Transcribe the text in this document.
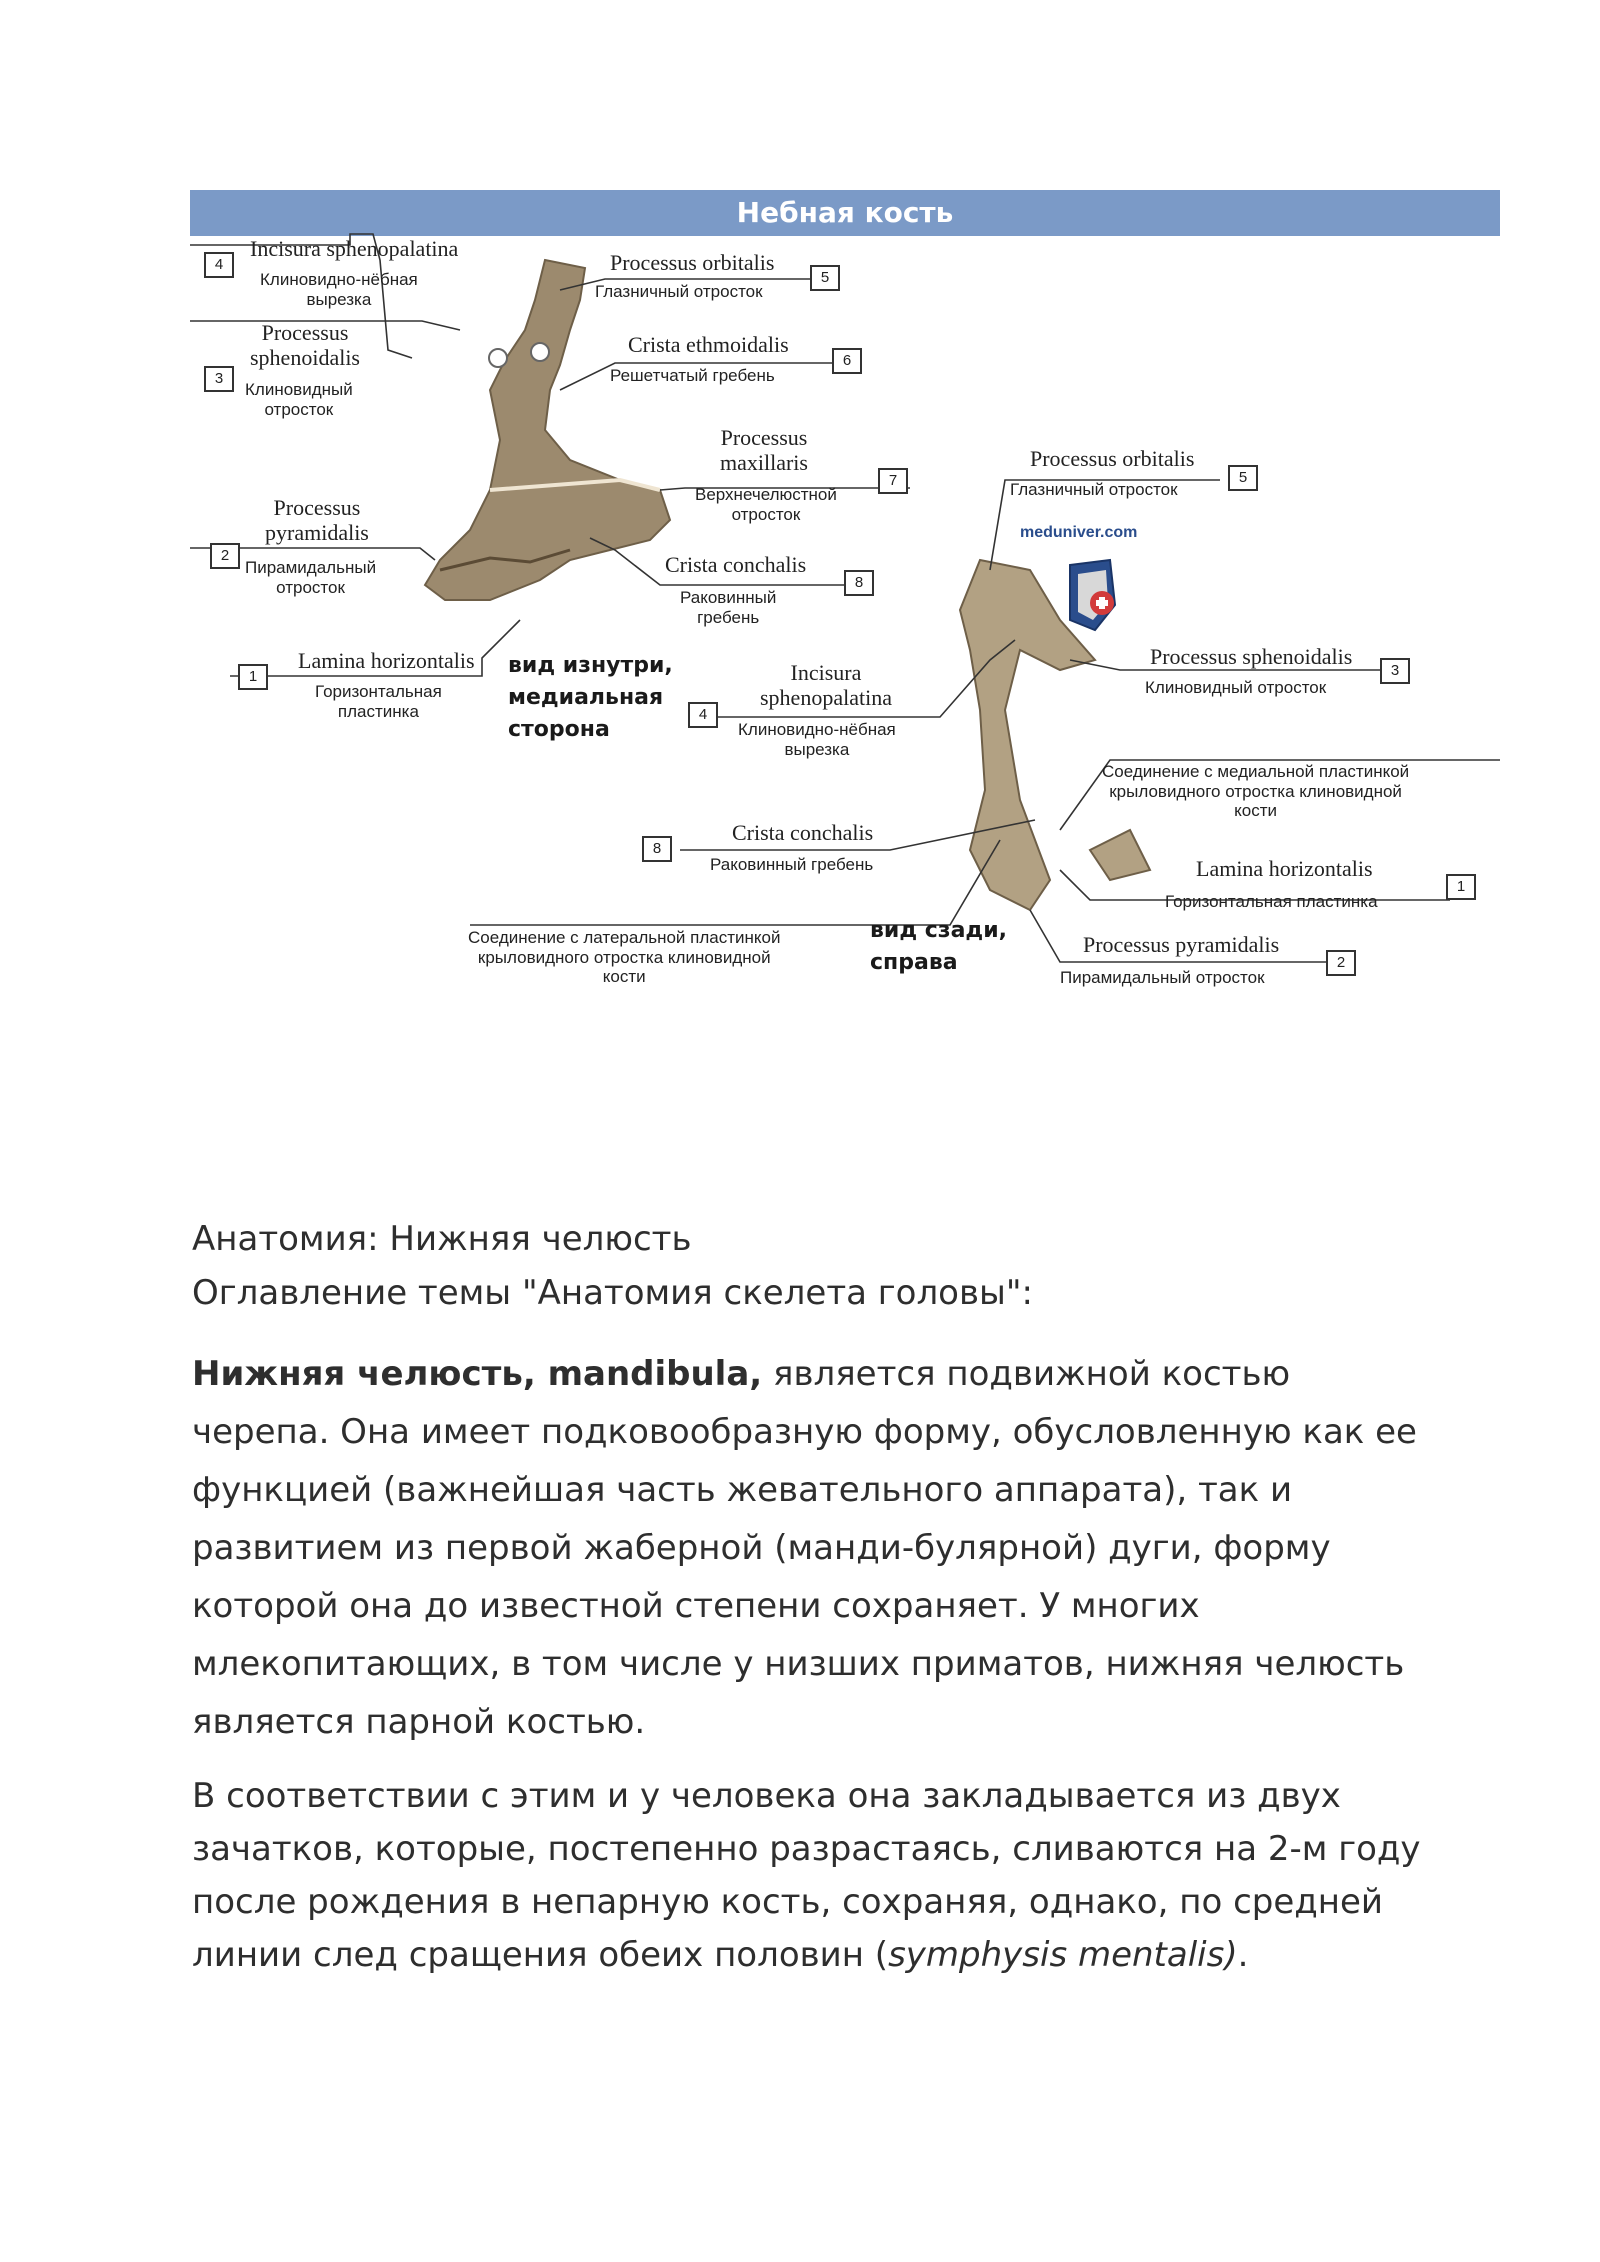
Небная кость
4
Incisura sphenopalatina
Клиновидно-нёбная
вырезка
3
Processus
sphenoidalis
Клиновидный
отросток
2
Processus
pyramidalis
Пирамидальный
отросток
1
Lamina horizontalis
Горизонтальная
пластинка
вид изнутри,
медиальная
сторона
Processus orbitalis
Глазничный отросток
5
Crista ethmoidalis
Решетчатый гребень
6
Processus
maxillaris
Верхнечелюстной
отросток
7
Crista conchalis
Раковинный
гребень
8
Processus orbitalis
Глазничный отросток
5
meduniver.com
Processus sphenoidalis
Клиновидный отросток
3
4
Incisura
sphenopalatina
Клиновидно-нёбная
вырезка
Соединение с медиальной пластинкой
крыловидного отростка клиновидной
кости
8
Crista conchalis
Раковинный гребень	Lamina horizontalis
Горизонтальная пластинка
1
Соединение с латеральной пластинкой
крыловидного отростка клиновидной
кости
вид сзади,
справа
Processus pyramidalis
Пирамидальный отросток
2
Анатомия: Нижняя челюсть
Оглавление темы "Анатомия скелета головы":
Нижняя челюсть, mandibula, является подвижной костью черепа. Она имеет подковообразную форму, обусловленную как ее функцией (важнейшая часть жевательного аппарата), так и развитием из первой жаберной (манди-булярной) дуги, форму которой она до известной степени сохраняет. У многих млекопитающих, в том числе у низших приматов, нижняя челюсть является парной костью.
В соответствии с этим и у человека она закладывается из двух зачатков, которые, постепенно разрастаясь, сливаются на 2-м году после рождения в непарную кость, сохраняя, однако, по средней линии след сращения обеих половин (symphysis mentalis).
